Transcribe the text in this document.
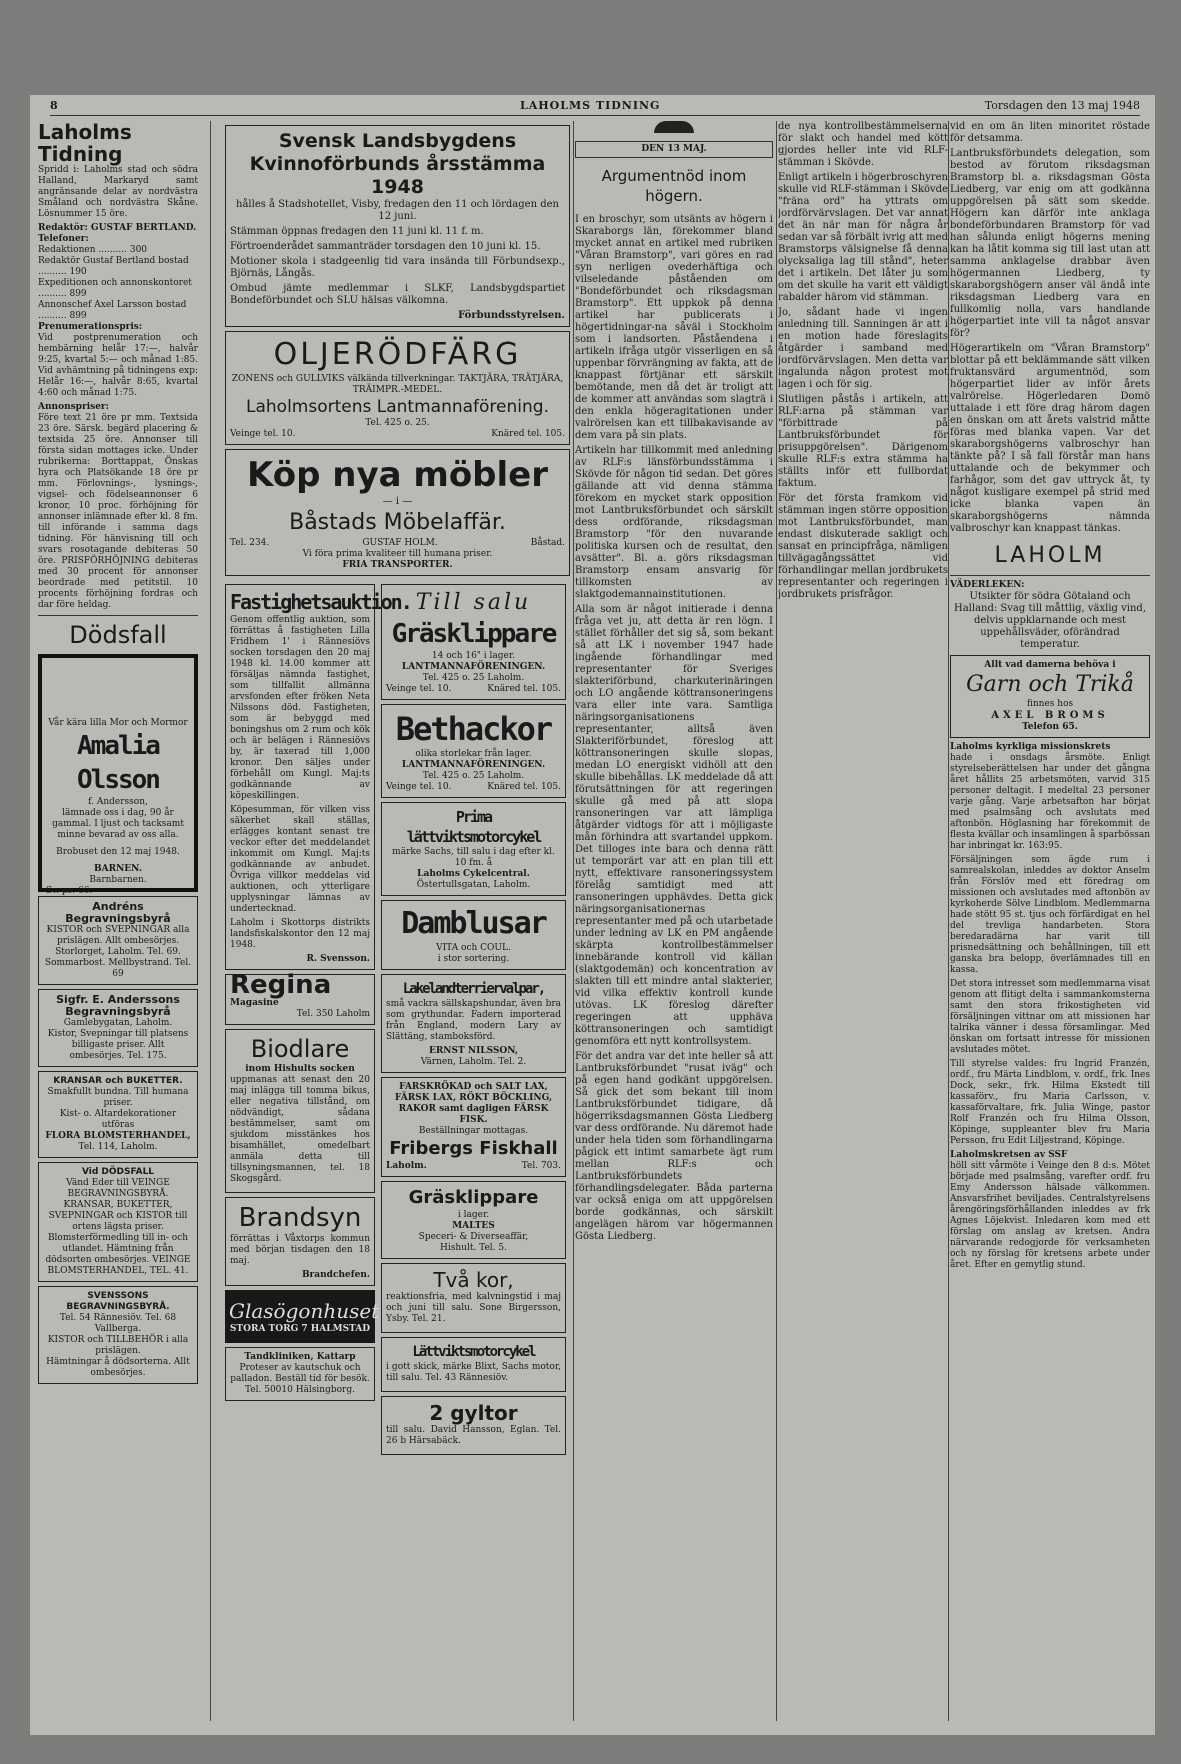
8	LAHOLMS TIDNING	Torsdagen den 13 maj 1948
Laholms Tidning

Spridd i: Laholms stad och södra Halland, Markaryd samt angränsande delar av nordvästra Småland och nordvästra Skåne. Lösnummer 15 öre.

Redaktör: GUSTAF BERTLAND.
Telefoner:
Redaktionen .......... 300
Redaktör Gustaf Bertland bostad .......... 190
Expeditionen och annonskontoret .......... 899
Annonschef Axel Larsson bostad .......... 899
Prenumerationspris:

Vid postprenumeration och hembärning helår 17:—, halvår 9:25, kvartal 5:— och månad 1:85. Vid avhämtning på tidningens exp: Helår 16:—, halvår 8:65, kvartal 4:60 och månad 1:75.

Annonspriser:

Före text 21 öre pr mm. Textsida 23 öre. Särsk. begärd placering & textsida 25 öre. Annonser till första sidan mottages icke. Under rubrikerna: Borttappat, Önskas hyra och Platsökande 18 öre pr mm. Förlovnings-, lysnings-, vigsel- och födelseannonser 6 kronor, 10 proc. förhöjning för annonser inlämnade efter kl. 8 fm. till införande i samma dags tidning. För hänvisning till och svars rosotagande debiteras 50 öre. PRISFÖRHÖJNING debiteras med 30 procent för annonser beordrade med petitstil. 10 procents förhöjning fordras och dar före heldag.

Dödsfall
Vår kära lilla Mor och Mormor
Amalia Olsson
f. Andersson,
lämnade oss i dag, 90 år gammal. I ljust och tacksamt minne bevarad av oss alla.
Brobuset den 12 maj 1948.
BARNEN.
Barnbarnen.
Sv. ps. 66.
Andréns Begravningsbyrå
KISTOR och SVEPNINGAR alla prislägen. Allt ombesörjes.
Storlorget, Laholm. Tel. 69.
Sommarbost. Mellbystrand. Tel. 69
Sigfr. E. Anderssons Begravningsbyrå
Gamlebygatan, Laholm.
Kistor, Svepningar till platsens billigaste priser. Allt ombesörjes. Tel. 175.
KRANSAR och BUKETTER.
Smakfullt bundna. Till humana priser.
Kist- o. Altardekorationer utföras
FLORA BLOMSTERHANDEL,
Tel. 114, Laholm.
Vid DÖDSFALL
Vänd Eder till VEINGE BEGRAVNINGSBYRÅ. KRANSAR, BUKETTER, SVEPNINGAR och KISTOR till ortens lägsta priser. Blomsterförmedling till in- och utlandet. Hämtning från dödsorten ombesörjes. VEINGE BLOMSTERHANDEL, TEL. 41.
SVENSSONS BEGRAVNINGSBYRÅ.
Tel. 54 Rännesiöv. Tel. 68 Vallberga.
KISTOR och TILLBEHÖR i alla prislägen.
Hämtningar å dödsorterna. Allt ombesörjes.
Svensk Landsbygdens Kvinnoförbunds årsstämma 1948

hålles å Stadshotellet, Visby, fredagen den 11 och lördagen den 12 juni.

Stämman öppnas fredagen den 11 juni kl. 11 f. m.

Förtroenderådet sammanträder torsdagen den 10 juni kl. 15.

Motioner skola i stadgeenlig tid vara insända till Förbundsexp., Björnäs, Långås.

Ombud jämte medlemmar i SLKF, Landsbygdspartiet Bondeförbundet och SLU hälsas välkomna.

Förbundsstyrelsen.
OLJERÖDFÄRG
ZONENS och GULLVIKS välkända tillverkningar. TAKTJÄRA, TRÄTJÄRA, TRÄIMPR.-MEDEL.
Laholmsortens Lantmannaförening.
Tel. 425 o. 25.
Veinge tel. 10.	Knäred tel. 105.
Köp nya möbler
— i —
Båstads Möbelaffär.
Tel. 234.	GUSTAF HOLM.	Båstad.
Vi föra prima kvaliteer till humana priser.
FRIA TRANSPORTER.
Fastighetsauktion.

Genom offentlig auktion, som förrättas å fastigheten Lilla Fridhem 1' i Rännesiövs socken torsdagen den 20 maj 1948 kl. 14.00 kommer att försäljas nämnda fastighet, som tillfallit allmänna arvsfonden efter fröken Neta Nilssons död. Fastigheten, som är bebyggd med boningshus om 2 rum och kök och är belägen i Rännesiövs by, är taxerad till 1,000 kronor. Den säljes under förbehåll om Kungl. Maj:ts godkännande av köpeskillingen.

Köpesumman, för vilken viss säkerhet skall ställas, erlägges kontant senast tre veckor efter det meddelandet inkommit om Kungl. Maj:ts godkännande av anbudet. Övriga villkor meddelas vid auktionen, och ytterligare upplysningar lämnas av undertecknad.

Laholm i Skottorps distrikts landsfiskalskontor den 12 maj 1948.

R. Svensson.
Regina Magasine
Tel. 350 Laholm
Biodlare
inom Hishults socken

uppmanas att senast den 20 maj inlägga till tomma bikus, eller negativa tillstånd, om nödvändigt, sådana bestämmelser, samt om sjukdom misstänkes hos bisamhället, omedelbart anmäla detta till tillsyningsmannen, tel. 18 Skogsgård.

Brandsyn

förrättas i Våxtorps kommun med början tisdagen den 18 maj.

Brandchefen.
Glasögonhuset
STORA TORG 7 HALMSTAD
Tandkliniken, Kattarp
Proteser av kautschuk och palladon. Beställ tid för besök.
Tel. 50010 Hälsingborg.
Till salu
Gräsklippare
14 och 16" i lager.
LANTMANNAFÖRENINGEN.
Tel. 425 o. 25 Laholm.
Veinge tel. 10.	Knäred tel. 105.
Bethackor
olika storlekar från lager.
LANTMANNAFÖRENINGEN.
Tel. 425 o. 25 Laholm.
Veinge tel. 10.	Knäred tel. 105.
Prima lättviktsmotorcykel
märke Sachs, till salu i dag efter kl. 10 fm. å
Laholms Cykelcentral.
Östertullsgatan, Laholm.
Damblusar
VITA och COUL.
i stor sortering.
Lakelandterriervalpar,

små vackra sällskapshundar, även bra som grythundar. Fadern importerad från England, modern Lary av Slättäng, stamboksförd.

ERNST NILSSON,
Värnen, Laholm. Tel. 2.
FARSKRÖKAD och SALT LAX, FÄRSK LAX, RÖKT BÖCKLING, RAKOR samt dagligen FÄRSK FISK.
Beställningar mottagas.
Fribergs Fiskhall
Laholm.	Tel. 703.
Gräsklippare
i lager.
MALTES
Speceri- & Diverseaffär,
Hishult. Tel. 5.
Två kor,

reaktionsfria, med kalvningstid i maj och juni till salu. Sone Birgersson, Ysby. Tel. 21.

Lättviktsmotorcykel

i gott skick, märke Blixt, Sachs motor, till salu. Tel. 43 Rännesiöv.

2 gyltor

till salu. David Hansson, Eglan. Tel. 26 b Härsabäck.

DEN 13 MAJ.
Argumentnöd inom högern.

I en broschyr, som utsänts av högern i Skaraborgs län, förekommer bland mycket annat en artikel med rubriken "Våran Bramstorp", vari göres en rad syn nerligen ovederhäftiga och vilseledande påståenden om "Bondeförbundet och riksdagsman Bramstorp". Ett uppkok på denna artikel har publicerats i högertidningar-na såväl i Stockholm som i landsorten. Påståendena i artikeln ifråga utgör visserligen en så uppenbar förvrängning av fakta, att de knappast förtjänar ett särskilt bemötande, men då det är troligt att de kommer att användas som slagträ i den enkla högeragitationen under valrörelsen kan ett tillbakavisande av dem vara på sin plats.

Artikeln har tillkommit med anledning av RLF:s länsförbundsstämma i Skövde för någon tid sedan. Det göres gällande att vid denna stämma förekom en mycket stark opposition mot Lantbruksförbundet och särskilt dess ordförande, riksdagsman Bramstorp "för den nuvarande politiska kursen och de resultat, den avsätter". Bl. a. görs riksdagsman Bramstorp ensam ansvarig för tillkomsten av slaktgodemannainstitutionen.

Alla som är något initierade i denna fråga vet ju, att detta är ren lögn. I stället förhåller det sig så, som bekant så att LK i november 1947 hade ingående förhandlingar med representanter för Sveriges slakteriförbund, charkuterinäringen och LO angående köttransoneringens vara eller inte vara. Samtliga näringsorganisationens representanter, alltså även Slakteriförbundet, föreslog att köttransoneringen skulle slopas, medan LO energiskt vidhöll att den skulle bibehållas. LK meddelade då att förutsättningen för att regeringen skulle gå med på att slopa ransoneringen var att lämpliga åtgärder vidtogs för att i möjligaste mån förhindra att svartandel uppkom. Det tilloges inte bara och denna rätt ut temporärt var att en plan till ett nytt, effektivare ransoneringssystem förelåg samtidigt med att ransoneringen upphävdes. Detta gick näringsorganisationernas representanter med på och utarbetade under ledning av LK en PM angående skärpta kontrollbestämmelser innebärande kontroll vid källan (slaktgodemän) och koncentration av slakten till ett mindre antal slakterier, vid vilka effektiv kontroll kunde utövas. LK föreslog därefter regeringen att upphäva köttransoneringen och samtidigt genomföra ett nytt kontrollsystem.

För det andra var det inte heller så att Lantbruksförbundet "rusat iväg" och på egen hand godkänt uppgörelsen. Så gick det som bekant till inom Lantbruksförbundet tidigare, då högerriksdagsmannen Gösta Liedberg var dess ordförande. Nu däremot hade under hela tiden som förhandlingarna pågick ett intimt samarbete ägt rum mellan RLF:s och Lantbruksförbundets förhandlingsdelegater. Båda parterna var också eniga om att uppgörelsen borde godkännas, och särskilt angelägen härom var högermannen Gösta Liedberg.

de nya kontrollbestämmelserna för slakt och handel med kött gjordes heller inte vid RLF-stämman i Skövde.

Enligt artikeln i högerbroschyren skulle vid RLF-stämman i Skövde "fräna ord" ha yttrats om jordförvärvslagen. Det var annat det än när man för några år sedan var så förbält ivrig att med Bramstorps välsignelse få denna olycksaliga lag till stånd", heter det i artikeln. Det låter ju som om det skulle ha varit ett väldigt rabalder härom vid stämman.

Jo, sådant hade vi ingen anledning till. Sanningen är att i en motion hade föreslagits åtgärder i samband med jordförvärvslagen. Men detta var ingalunda någon protest mot lagen i och för sig.

Slutligen påstås i artikeln, att RLF:arna på stämman var "förbittrade på Lantbruksförbundet för prisuppgörelsen". Därigenom skulle RLF:s extra stämma ha ställts inför ett fullbordat faktum.

För det första framkom vid stämman ingen större opposition mot Lantbruksförbundet, man endast diskuterade sakligt och sansat en principfråga, nämligen tillvägagångssättet vid förhandlingar mellan jordbrukets representanter och regeringen i jordbrukets prisfrågor.

vid en om än liten minoritet röstade för detsamma.

Lantbruksförbundets delegation, som bestod av förutom riksdagsman Bramstorp bl. a. riksdagsman Gösta Liedberg, var enig om att godkänna uppgörelsen på sätt som skedde. Högern kan därför inte anklaga bondeförbundaren Bramstorp för vad han sålunda enligt högerns mening kan ha låtit komma sig till last utan att samma anklagelse drabbar även högermannen Liedberg, ty skaraborgshögern anser väl ändå inte riksdagsman Liedberg vara en fullkomlig nolla, vars handlande högerpartiet inte vill ta något ansvar för?

Högerartikeln om "Våran Bramstorp" blottar på ett beklämmande sätt vilken fruktansvärd argumentnöd, som högerpartiet lider av inför årets valrörelse. Högerledaren Domö uttalade i ett före drag härom dagen en önskan om att årets valstrid måtte föras med blanka vapen. Var det skaraborgshögerns valbroschyr han tänkte på? I så fall förstår man hans uttalande och de bekymmer och farhågor, som det gav uttryck åt, ty något kusligare exempel på strid med icke blanka vapen än skaraborgshögerns nämnda valbroschyr kan knappast tänkas.

LAHOLM
VÄDERLEKEN:

Utsikter för södra Götaland och Halland: Svag till måttlig, växlig vind, delvis uppklarnande och mest uppehållsväder, oförändrad temperatur.

Allt vad damerna behöva i
Garn och Trikå
finnes hos
AXEL BROMS
Telefon 65.
Laholms kyrkliga missionskrets

hade i onsdags årsmöte. Enligt styrelseberättelsen har under det gångna året hållits 25 arbetsmöten, varvid 315 personer deltagit. I medeltal 23 personer varje gång. Varje arbetsafton har börjat med psalmsång och avslutats med aftonbön. Höglasning har förekommit de flesta kvällar och insamlingen å sparbössan har inbringat kr. 163:95.

Försäljningen som ägde rum i samrealskolan, inleddes av doktor Anselm från Förslöv med ett föredrag om missionen och avslutades med aftonbön av kyrkoherde Sölve Lindblom. Medlemmarna hade stött 95 st. tjus och förfärdigat en hel del trevliga handarbeten. Stora beredaradärna har varit till prisnedsättning och behållningen, till ett ganska bra belopp, överlämnades till en kassa.

Det stora intresset som medlemmarna visat genom att flitigt delta i sammankomsterna samt den stora frikostigheten vid försäljningen vittnar om att missionen har talrika vänner i dessa församlingar. Med önskan om fortsatt intresse för missionen avslutades mötet.

Till styrelse valdes: fru Ingrid Franzén, ordf., fru Märta Lindblom, v. ordf., frk. Ines Dock, sekr., frk. Hilma Ekstedt till kassaförv., fru Maria Carlsson, v. kassaförvaltare, frk. Julia Winge, pastor Rolf Franzén och fru Hilma Olsson, Köpinge, suppleanter blev fru Maria Persson, fru Edit Liljestrand, Köpinge.

Laholmskretsen av SSF

höll sitt vårmöte i Veinge den 8 d:s. Mötet började med psalmsång, varefter ordf. fru Emy Andersson hälsade välkommen. Ansvarsfrihet beviljades. Centralstyrelsens årengöringsförhållanden inleddes av frk Agnes Löjekvist. Inledaren kom med ett förslag om anslag av kretsen. Andra närvarande redogjorde för verksamheten och ny förslag för kretsens arbete under året. Efter en gemytlig stund.
